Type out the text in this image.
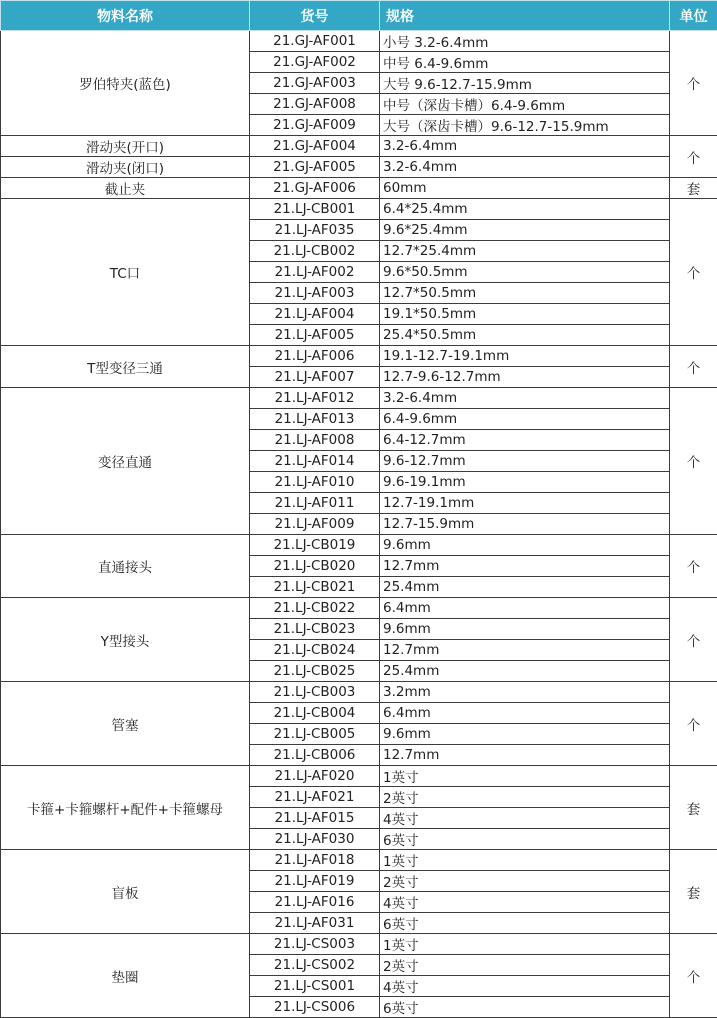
物料名称	货号	规格	单位
罗伯特夹(蓝色)	21.GJ-AF001	小号 3.2-6.4mm	个
	21.GJ-AF002	中号 6.4-9.6mm	
	21.GJ-AF003	大号 9.6-12.7-15.9mm	
	21.GJ-AF008	中号（深齿卡槽）6.4-9.6mm	
	21.GJ-AF009	大号（深齿卡槽）9.6-12.7-15.9mm	
滑动夹(开口)	21.GJ-AF004	3.2-6.4mm	个
滑动夹(闭口)	21.GJ-AF005	3.2-6.4mm	
截止夹	21.GJ-AF006	60mm	套
TC口	21.LJ-CB001	6.4*25.4mm	个
	21.LJ-AF035	9.6*25.4mm	
	21.LJ-CB002	12.7*25.4mm	
	21.LJ-AF002	9.6*50.5mm	
	21.LJ-AF003	12.7*50.5mm	
	21.LJ-AF004	19.1*50.5mm	
	21.LJ-AF005	25.4*50.5mm	
T型变径三通	21.LJ-AF006	19.1-12.7-19.1mm	个
	21.LJ-AF007	12.7-9.6-12.7mm	
变径直通	21.LJ-AF012	3.2-6.4mm	个
	21.LJ-AF013	6.4-9.6mm	
	21.LJ-AF008	6.4-12.7mm	
	21.LJ-AF014	9.6-12.7mm	
	21.LJ-AF010	9.6-19.1mm	
	21.LJ-AF011	12.7-19.1mm	
	21.LJ-AF009	12.7-15.9mm	
直通接头	21.LJ-CB019	9.6mm	个
	21.LJ-CB020	12.7mm	
	21.LJ-CB021	25.4mm	
Y型接头	21.LJ-CB022	6.4mm	个
	21.LJ-CB023	9.6mm	
	21.LJ-CB024	12.7mm	
	21.LJ-CB025	25.4mm	
管塞	21.LJ-CB003	3.2mm	个
	21.LJ-CB004	6.4mm	
	21.LJ-CB005	9.6mm	
	21.LJ-CB006	12.7mm	
卡箍+卡箍螺杆+配件+卡箍螺母	21.LJ-AF020	1英寸	套
	21.LJ-AF021	2英寸	
	21.LJ-AF015	4英寸	
	21.LJ-AF030	6英寸	
盲板	21.LJ-AF018	1英寸	套
	21.LJ-AF019	2英寸	
	21.LJ-AF016	4英寸	
	21.LJ-AF031	6英寸	
垫圈	21.LJ-CS003	1英寸	个
	21.LJ-CS002	2英寸	
	21.LJ-CS001	4英寸	
	21.LJ-CS006	6英寸	
